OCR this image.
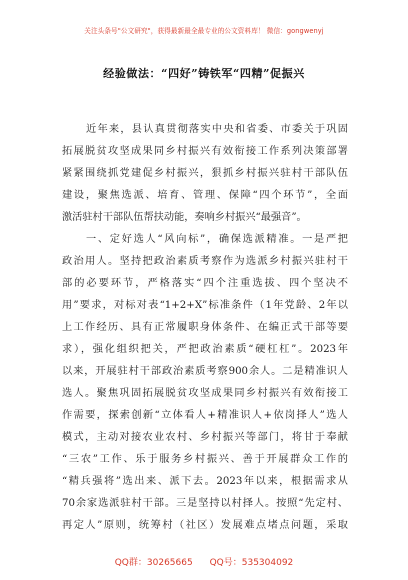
关注头条号"公文研究"，获得最新最全最专业的公文资料库！ 微信：gongwenyj
经验做法：“四好”铸铁军“四精”促振兴
近年来，县认真贯彻落实中央和省委、市委关于巩固
拓展脱贫攻坚成果同乡村振兴有效衔接工作系列决策部署
紧紧围绕抓党建促乡村振兴，狠抓乡村振兴驻村干部队伍
建设，聚焦选派、培育、管理、保障“四个环节”，全面
激活驻村干部队伍帮扶动能，奏响乡村振兴“最强音”。
一、定好选人“风向标”，确保选派精准。一是严把
政治用人。坚持把政治素质考察作为选派乡村振兴驻村干
部的必要环节，严格落实“四个注重选拔、四个坚决不
用”要求，对标对表“1+2+X”标准条件（1年党龄、2年以
上工作经历、具有正常履职身体条件、在编正式干部等要
求），强化组织把关，严把政治素质“硬杠杠”。2023年
以来，开展驻村干部政治素质考察900余人。二是精准识人
选人。聚焦巩固拓展脱贫攻坚成果同乡村振兴有效衔接工
作需要，探索创新“立体看人+精准识人+依岗择人”选人
模式，主动对接农业农村、乡村振兴等部门，将甘于奉献
“三农”工作、乐于服务乡村振兴、善于开展群众工作的
“精兵强将”选出来、派下去。2023年以来，根据需求从
70余家选派驻村干部。三是坚持以村择人。按照“先定村、
再定人”原则，统筹村（社区）发展难点堵点问题，采取
QQ群：30265665 QQ号：535304092
